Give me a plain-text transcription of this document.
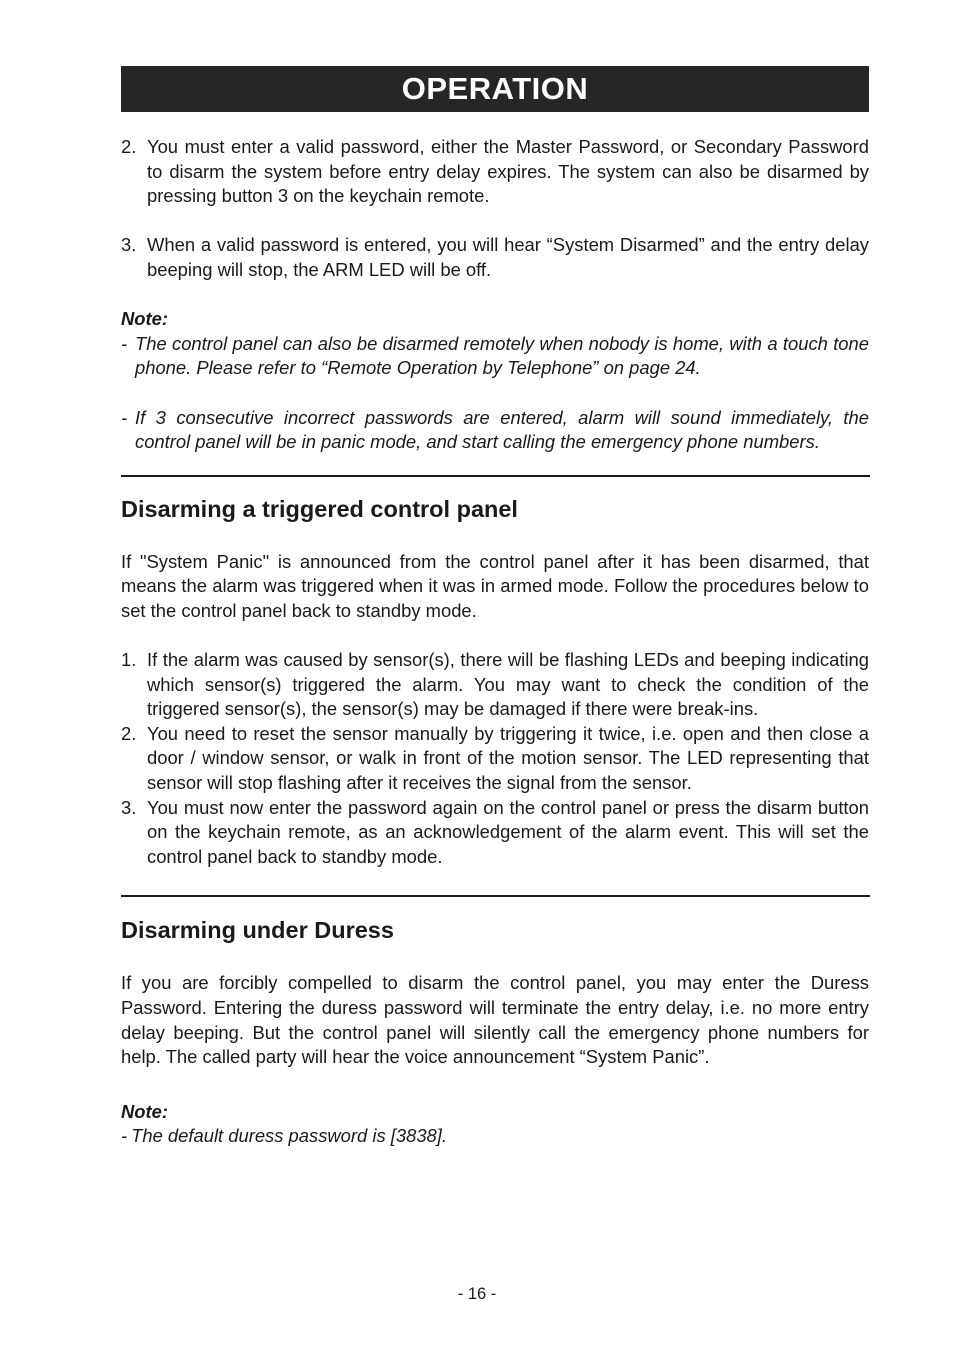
OPERATION
2. You must enter a valid password, either the Master Password, or Secondary Password to disarm the system before entry delay expires. The system can also be disarmed by pressing button 3 on the keychain remote.
3. When a valid password is entered, you will hear “System Disarmed” and the entry delay beeping will stop, the ARM LED will be off.
Note:
- The control panel can also be disarmed remotely when nobody is home, with a touch tone phone. Please refer to “Remote Operation by Telephone” on page 24.
- If 3 consecutive incorrect passwords are entered, alarm will sound immediately, the control panel will be in panic mode, and start calling the emergency phone numbers.
Disarming a triggered control panel
If "System Panic" is announced from the control panel after it has been disarmed, that means the alarm was triggered when it was in armed mode. Follow the procedures below to set the control panel back to standby mode.
1. If the alarm was caused by sensor(s), there will be flashing LEDs and beeping indicating which sensor(s) triggered the alarm. You may want to check the condition of the triggered sensor(s), the sensor(s) may be damaged if there were break-ins.
2. You need to reset the sensor manually by triggering it twice, i.e. open and then close a door / window sensor, or walk in front of the motion sensor. The LED representing that sensor will stop flashing after it receives the signal from the sensor.
3. You must now enter the password again on the control panel or press the disarm button on the keychain remote, as an acknowledgement of the alarm event. This will set the control panel back to standby mode.
Disarming under Duress
If you are forcibly compelled to disarm the control panel, you may enter the Duress Password. Entering the duress password will terminate the entry delay, i.e. no more entry delay beeping. But the control panel will silently call the emergency phone numbers for help. The called party will hear the voice announcement “System Panic”.
Note:
- The default duress password is [3838].
- 16 -
